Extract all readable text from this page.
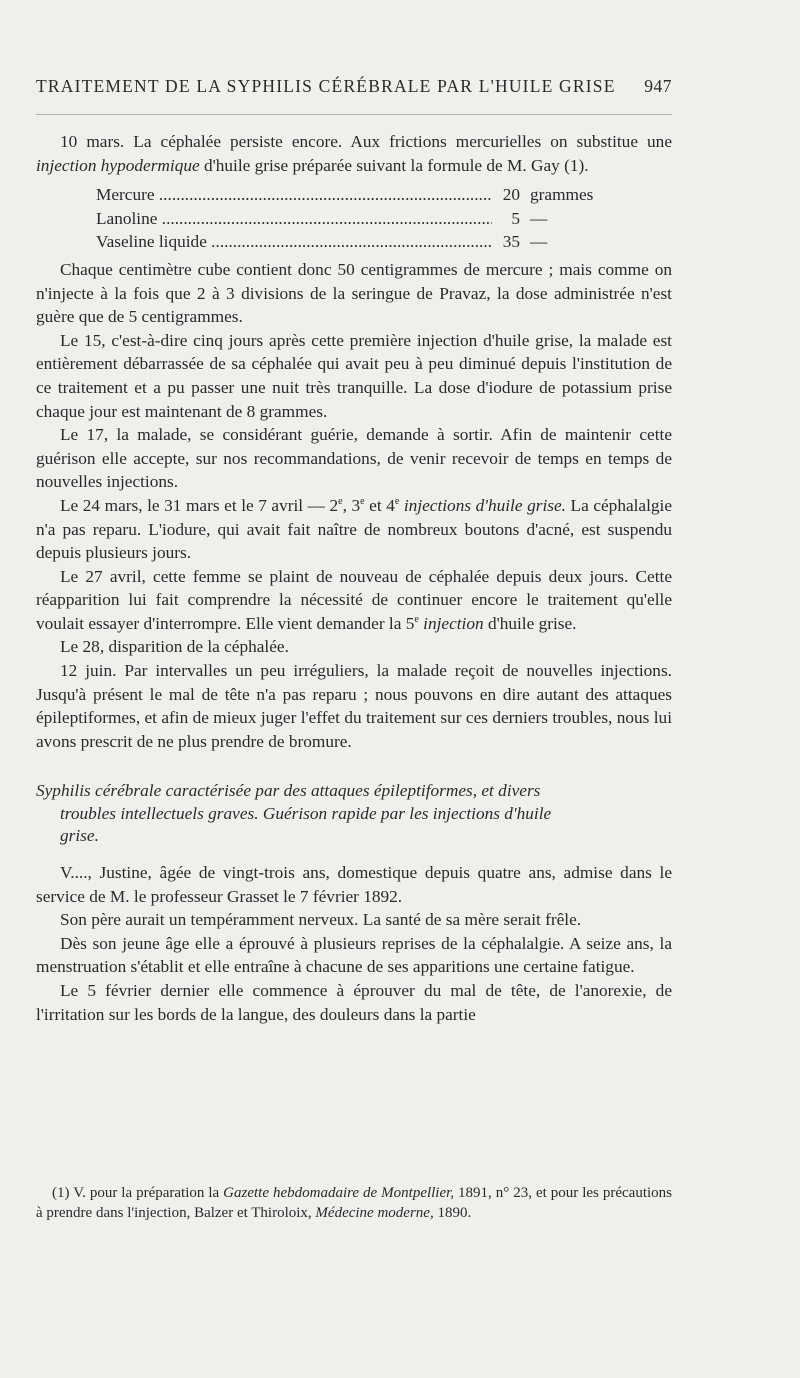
TRAITEMENT DE LA SYPHILIS CÉRÉBRALE PAR L'HUILE GRISE 947

10 mars. La céphalée persiste encore. Aux frictions mercurielles on substitue une injection hypodermique d'huile grise préparée suivant la formule de M. Gay (1).

Mercure .....	20 grammes
Lanoline .....	5 —
Vaseline liquide .....	35 —

Chaque centimètre cube contient donc 50 centigrammes de mercure ; mais comme on n'injecte à la fois que 2 à 3 divisions de la seringue de Pravaz, la dose administrée n'est guère que de 5 centigrammes.

Le 15, c'est-à-dire cinq jours après cette première injection d'huile grise, la malade est entièrement débarrassée de sa céphalée qui avait peu à peu diminué depuis l'institution de ce traitement et a pu passer une nuit très tranquille. La dose d'iodure de potassium prise chaque jour est maintenant de 8 grammes.

Le 17, la malade, se considérant guérie, demande à sortir. Afin de maintenir cette guérison elle accepte, sur nos recommandations, de venir recevoir de temps en temps de nouvelles injections.

Le 24 mars, le 31 mars et le 7 avril — 2e, 3e et 4e injections d'huile grise. La céphalalgie n'a pas reparu. L'iodure, qui avait fait naître de nombreux boutons d'acné, est suspendu depuis plusieurs jours.

Le 27 avril, cette femme se plaint de nouveau de céphalée depuis deux jours. Cette réapparition lui fait comprendre la nécessité de continuer encore le traitement qu'elle voulait essayer d'interrompre. Elle vient demander la 5e injection d'huile grise.

Le 28, disparition de la céphalée.

12 juin. Par intervalles un peu irréguliers, la malade reçoit de nouvelles injections. Jusqu'à présent le mal de tête n'a pas reparu ; nous pouvons en dire autant des attaques épileptiformes, et afin de mieux juger l'effet du traitement sur ces derniers troubles, nous lui avons prescrit de ne plus prendre de bromure.

Syphilis cérébrale caractérisée par des attaques épileptiformes, et divers
troubles intellectuels graves. Guérison rapide par les injections d'huile
grise.

V...., Justine, âgée de vingt-trois ans, domestique depuis quatre ans, admise dans le service de M. le professeur Grasset le 7 février 1892.

Son père aurait un tempéramment nerveux. La santé de sa mère serait frêle.

Dès son jeune âge elle a éprouvé à plusieurs reprises de la céphalalgie. A seize ans, la menstruation s'établit et elle entraîne à chacune de ses apparitions une certaine fatigue.

Le 5 février dernier elle commence à éprouver du mal de tête, de l'anorexie, de l'irritation sur les bords de la langue, des douleurs dans la partie

(1) V. pour la préparation la Gazette hebdomadaire de Montpellier, 1891, n° 23, et pour les précautions à prendre dans l'injection, Balzer et Thiroloix, Médecine moderne, 1890.
